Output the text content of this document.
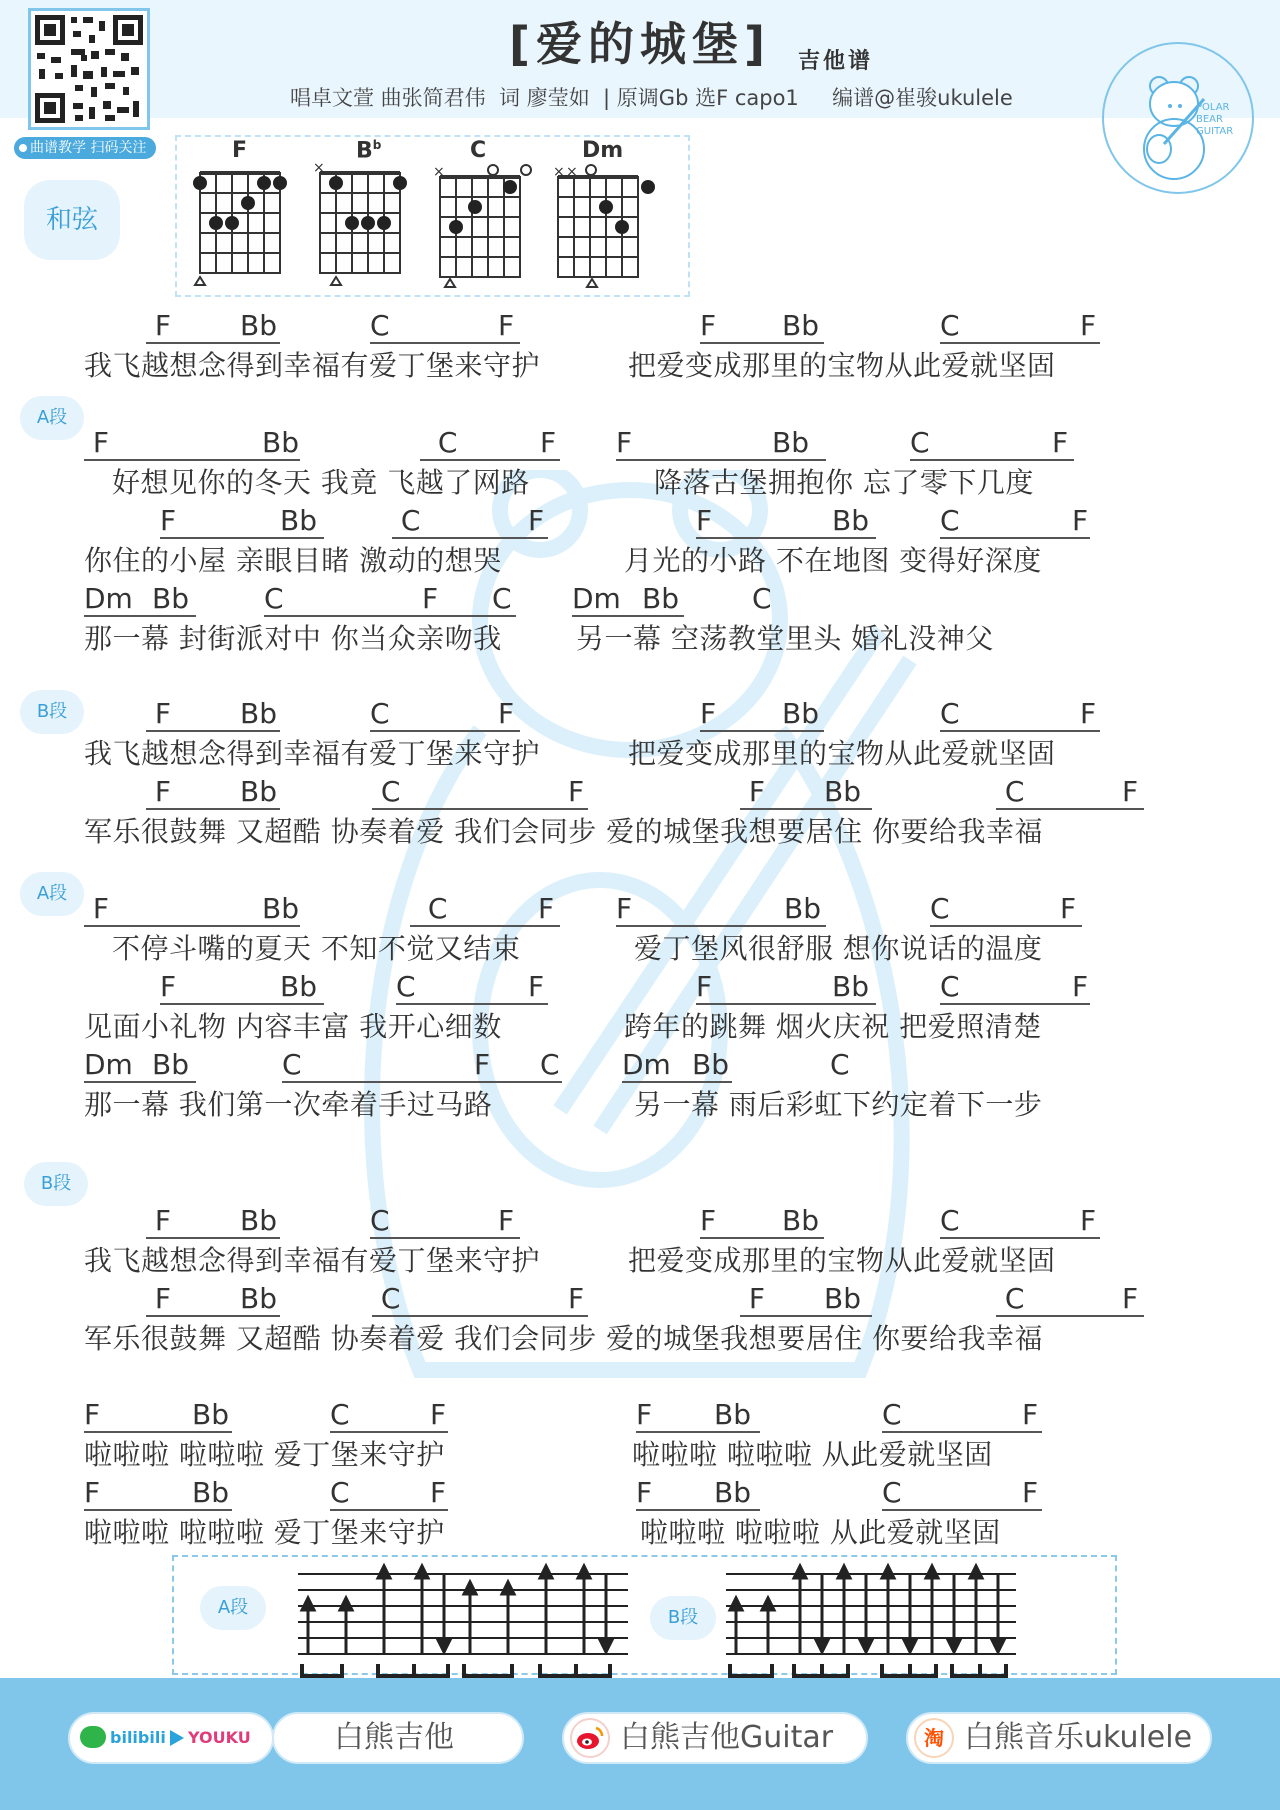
曲谱教学 扫码关注
[爱的城堡]	吉他谱
唱卓文萱 曲张简君伟  词 廖莹如  | 原调Gb 选F capo1     编谱@崔骏ukulele	POLAR
BEAR
GUITAR
和弦
F	$B^b$
×
C
×
Dm
× ×
A段
B段
A段
B段
F Bb	C	F	F Bb	C	F
我飞越想念得到幸福有爱丁堡来守护	把爱变成那里的宝物从此爱就坚固
F	Bb	C	F F	Bb	C	F
好想见你的冬天 我竟 飞越了网路	降落古堡拥抱你 忘了零下几度
F	Bb	C	F	F	Bb	C	F
你住的小屋 亲眼目睹 激动的想哭	月光的小路 不在地图 变得好深度
Dm Bb	C	F C Dm Bb	C
那一幕 封街派对中 你当众亲吻我	另一幕 空荡教堂里头 婚礼没神父
F Bb	C	F	F Bb	C	F
我飞越想念得到幸福有爱丁堡来守护	把爱变成那里的宝物从此爱就坚固
F Bb	C	F	F Bb	C	F
军乐很鼓舞 又超酷 协奏着爱 我们会同步 爱的城堡我想要居住 你要给我幸福
F	Bb	C	F F	Bb	C	F
不停斗嘴的夏天 不知不觉又结束	爱丁堡风很舒服 想你说话的温度
F	Bb	C	F	F	Bb	C	F
见面小礼物 内容丰富 我开心细数	跨年的跳舞 烟火庆祝 把爱照清楚
Dm Bb	C	F C Dm Bb	C
那一幕 我们第一次牵着手过马路	另一幕 雨后彩虹下约定着下一步
F Bb	C	F	F Bb	C	F
我飞越想念得到幸福有爱丁堡来守护	把爱变成那里的宝物从此爱就坚固
F Bb	C	F	F Bb	C	F
军乐很鼓舞 又超酷 协奏着爱 我们会同步 爱的城堡我想要居住 你要给我幸福
F	Bb	C	F	F Bb	C	F
啦啦啦 啦啦啦 爱丁堡来守护	啦啦啦 啦啦啦 从此爱就坚固
F	Bb	C	F	F Bb	C	F
啦啦啦 啦啦啦 爱丁堡来守护	啦啦啦 啦啦啦 从此爱就坚固
A段	B段
bilibili YOUKU	白熊吉他	白熊吉他Guitar	淘 白熊音乐ukulele
